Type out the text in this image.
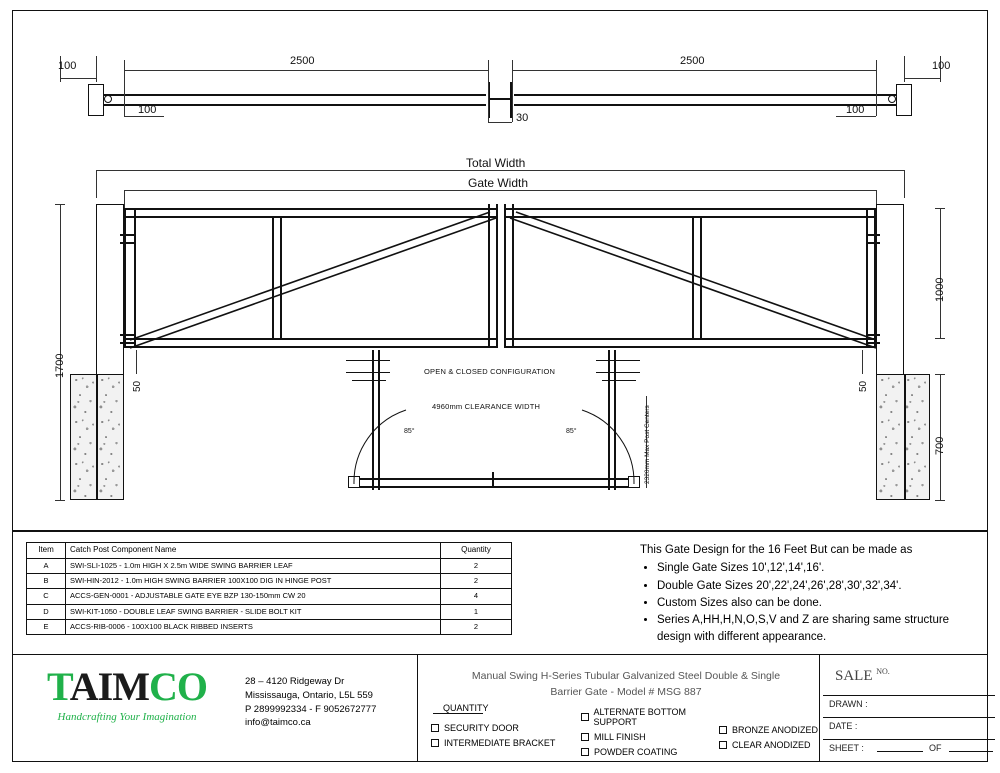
100	2500	2500	100
100	100
30
Total Width
Gate Width
1700
50
1000
50
700
OPEN & CLOSED CONFIGURATION
4960mm CLEARANCE WIDTH
85°	85°	2320mm Max Post Centers
Item	Catch Post Component Name	Quantity
A	SWI-SLI-1025 - 1.0m HIGH X 2.5m WIDE SWING BARRIER LEAF	2
B	SWI-HIN-2012 - 1.0m HIGH SWING BARRIER 100X100 DIG IN HINGE POST	2
C	ACCS-GEN-0001 - ADJUSTABLE GATE EYE BZP 130-150mm CW 20	4
D	SWI-KIT-1050 - DOUBLE LEAF SWING BARRIER - SLIDE BOLT KIT	1
E	ACCS-RIB-0006 - 100X100 BLACK RIBBED INSERTS	2

This Gate Design for the 16 Feet But can be made as

• Single Gate Sizes 10',12',14',16'.
• Double Gate Sizes 20',22',24',26',28',30',32',34'.
• Custom Sizes also can be done.
• Series A,HH,H,N,O,S,V and Z are sharing same structure design with different appearance.
TAIMCO
Handcrafting Your Imagination
28 – 4120 Ridgeway Dr
Mississauga, Ontario, L5L 559
P 2899992334 - F 9052672777
info@taimco.ca
Manual Swing H-Series Tubular Galvanized Steel Double & Single
Barrier Gate - Model # MSG 887
QUANTITY
SECURITY DOOR
INTERMEDIATE BRACKET
ALTERNATE BOTTOM SUPPORT
MILL FINISH
POWDER COATING
BRONZE ANODIZED
CLEAR ANODIZED
SALE $^{NO.}$
DRAWN :
DATE :
SHEET :	OF
